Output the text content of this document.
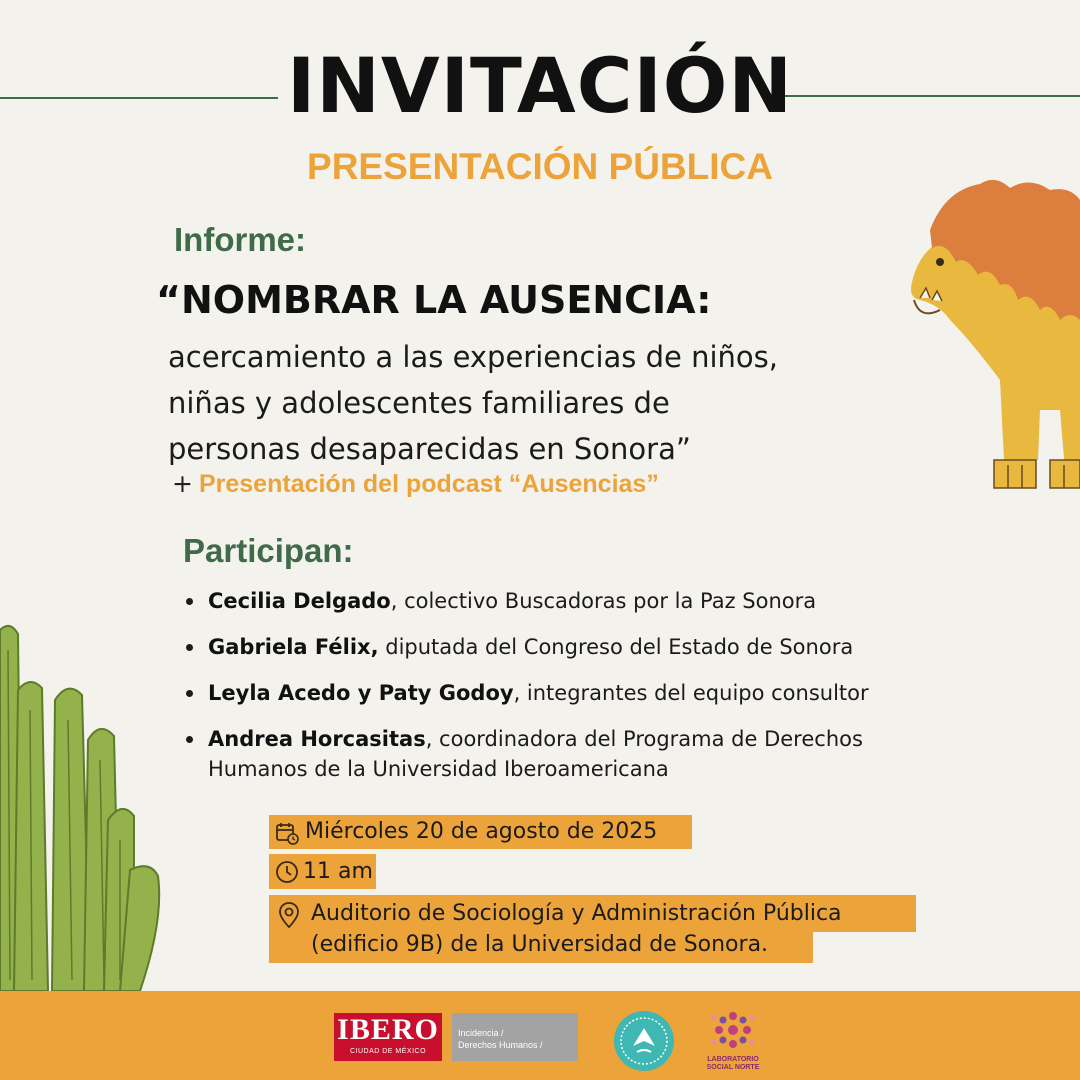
INVITACIÓN
PRESENTACIÓN PÚBLICA
Informe:
“NOMBRAR LA AUSENCIA:
acercamiento a las experiencias de niños,
niñas y adolescentes familiares de
personas desaparecidas en Sonora”
+ Presentación del podcast “Ausencias”
Participan:
Cecilia Delgado, colectivo Buscadoras por la Paz Sonora
Gabriela Félix, diputada del Congreso del Estado de Sonora
Leyla Acedo y Paty Godoy, integrantes del equipo consultor
Andrea Horcasitas, coordinadora del Programa de Derechos Humanos de la Universidad Iberoamericana
Miércoles 20 de agosto de 2025
11 am
Auditorio de Sociología y Administración Pública
(edificio 9B) de la Universidad de Sonora.
IBERO
CIUDAD DE MÉXICO
Incidencia /
Derechos Humanos /
LABORATORIO
SOCIAL NORTE
